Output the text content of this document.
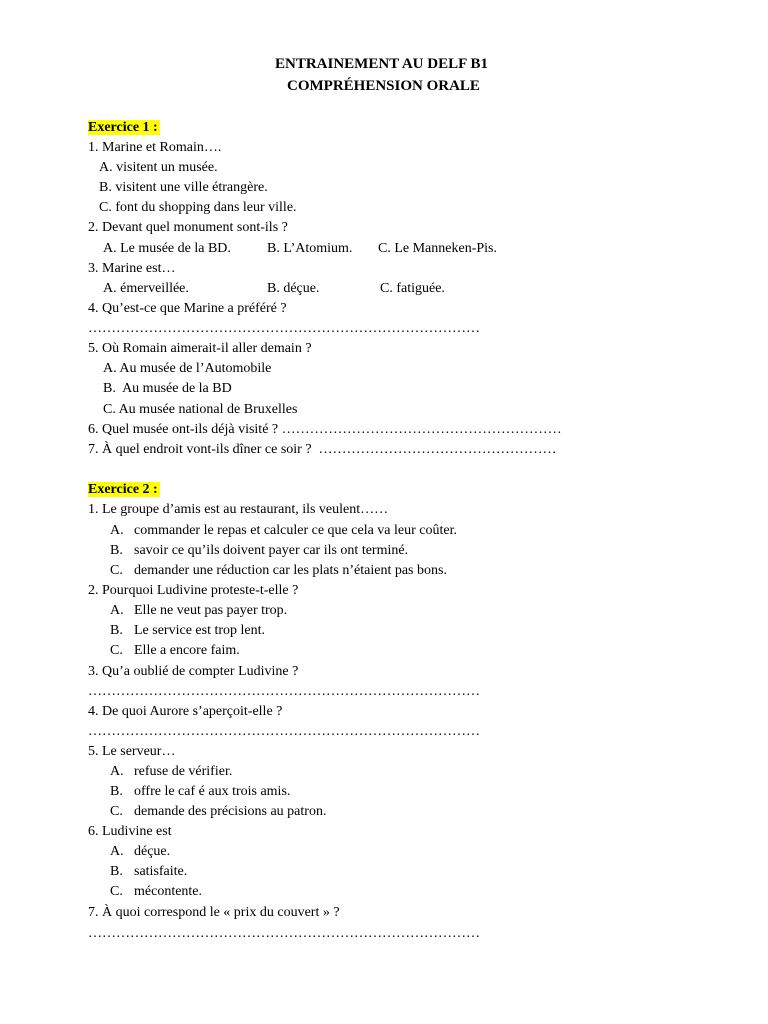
ENTRAINEMENT AU DELF B1
COMPRÉHENSION ORALE
Exercice 1 :
1. Marine et Romain….
A. visitent un musée.
B. visitent une ville étrangère.
C. font du shopping dans leur ville.
2. Devant quel monument sont-ils ?
A. Le musée de la BD.	B. L’Atomium. C. Le Manneken-Pis.
3. Marine est…
A. émerveillée.	B. déçue.	C. fatiguée.
4. Qu’est-ce que Marine a préféré ?
…………………………………………………………………………
5. Où Romain aimerait-il aller demain ?
A. Au musée de l’Automobile
B.  Au musée de la BD
C. Au musée national de Bruxelles
6. Quel musée ont-ils déjà visité ? ……………………………………………………
7. À quel endroit vont-ils dîner ce soir ?  ……………………………………………
Exercice 2 :
1. Le groupe d’amis est au restaurant, ils veulent……
A. commander le repas et calculer ce que cela va leur coûter.
B. savoir ce qu’ils doivent payer car ils ont terminé.
C. demander une réduction car les plats n’étaient pas bons.
2. Pourquoi Ludivine proteste-t-elle ?
A. Elle ne veut pas payer trop.
B. Le service est trop lent.
C. Elle a encore faim.
3. Qu’a oublié de compter Ludivine ?
…………………………………………………………………………
4. De quoi Aurore s’aperçoit-elle ?
…………………………………………………………………………
5. Le serveur…
A. refuse de vérifier.
B. offre le caf é aux trois amis.
C. demande des précisions au patron.
6. Ludivine est
A. déçue.
B. satisfaite.
C. mécontente.
7. À quoi correspond le « prix du couvert » ?
…………………………………………………………………………
